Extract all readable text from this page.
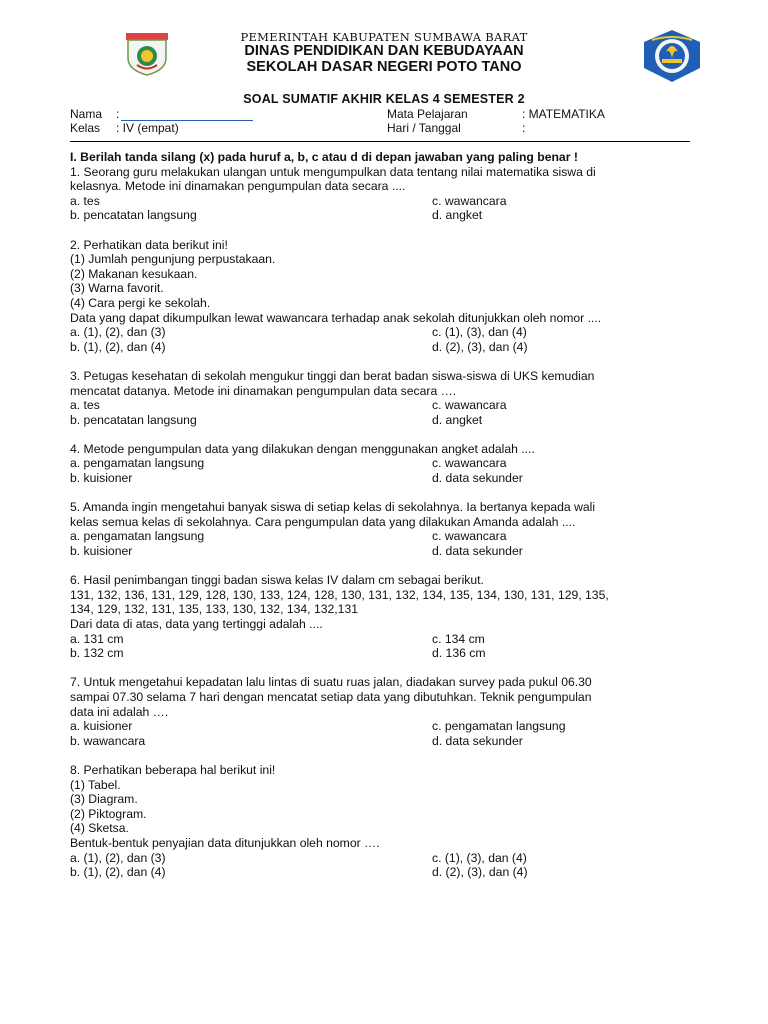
PEMERINTAH KABUPATEN SUMBAWA BARAT
DINAS PENDIDIKAN DAN KEBUDAYAAN
SEKOLAH DASAR NEGERI POTO TANO
SOAL SUMATIF AKHIR KELAS 4 SEMESTER 2
Nama :	Mata Pelajaran	: MATEMATIKA
Kelas : IV (empat)	Hari / Tanggal	:

I. Berilah tanda silang (x) pada huruf a, b, c atau d di depan jawaban yang paling benar !

1. Seorang guru melakukan ulangan untuk mengumpulkan data tentang nilai matematika siswa di

kelasnya. Metode ini dinamakan pengumpulan data secara ....

a. tes	c. wawancara
b. pencatatan langsung	d. angket

2. Perhatikan data berikut ini!

(1) Jumlah pengunjung perpustakaan.

(2) Makanan kesukaan.

(3) Warna favorit.

(4) Cara pergi ke sekolah.

Data yang dapat dikumpulkan lewat wawancara terhadap anak sekolah ditunjukkan oleh nomor ....

a. (1), (2), dan (3)	c. (1), (3), dan (4)
b. (1), (2), dan (4)	d. (2), (3), dan (4)

3. Petugas kesehatan di sekolah mengukur tinggi dan berat badan siswa-siswa di UKS kemudian

mencatat datanya. Metode ini dinamakan pengumpulan data secara ….

a. tes	c. wawancara
b. pencatatan langsung	d. angket

4. Metode pengumpulan data yang dilakukan dengan menggunakan angket adalah ....

a. pengamatan langsung	c. wawancara
b. kuisioner	d. data sekunder

5. Amanda ingin mengetahui banyak siswa di setiap kelas di sekolahnya. Ia bertanya kepada wali

kelas semua kelas di sekolahnya. Cara pengumpulan data yang dilakukan Amanda adalah ....

a. pengamatan langsung	c. wawancara
b. kuisioner	d. data sekunder

6. Hasil penimbangan tinggi badan siswa kelas IV dalam cm sebagai berikut.

131, 132, 136, 131, 129, 128, 130, 133, 124, 128, 130, 131, 132, 134, 135, 134, 130, 131, 129, 135,

134, 129, 132, 131, 135, 133, 130, 132, 134, 132,131

Dari data di atas, data yang tertinggi adalah ....

a. 131 cm	c. 134 cm
b. 132 cm	d. 136 cm

7. Untuk mengetahui kepadatan lalu lintas di suatu ruas jalan, diadakan survey pada pukul 06.30

sampai 07.30 selama 7 hari dengan mencatat setiap data yang dibutuhkan. Teknik pengumpulan

data ini adalah ….

a. kuisioner	c. pengamatan langsung
b. wawancara	d. data sekunder

8. Perhatikan beberapa hal berikut ini!

(1) Tabel.

(3) Diagram.

(2) Piktogram.

(4) Sketsa.

Bentuk-bentuk penyajian data ditunjukkan oleh nomor ….

a. (1), (2), dan (3)	c. (1), (3), dan (4)
b. (1), (2), dan (4)	d. (2), (3), dan (4)
